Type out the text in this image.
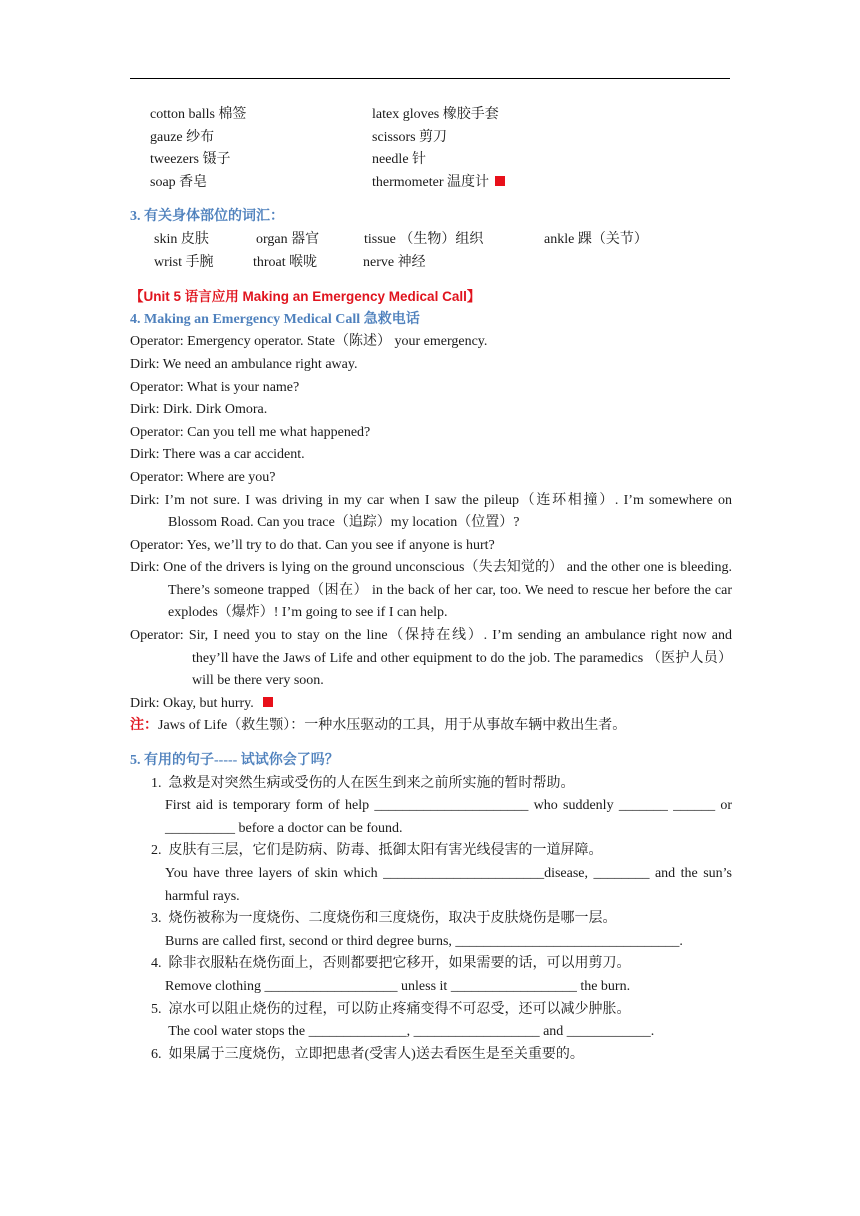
cotton balls 棉签	latex gloves 橡胶手套
gauze 纱布	scissors 剪刀
tweezers 镊子	needle 针
soap 香皂	thermometer 温度计
3. 有关身体部位的词汇：
skin 皮肤	organ 器官	tissue （生物）组织	ankle 踝（关节）
wrist 手腕	throat 喉咙	nerve 神经
【Unit 5 语言应用 Making an Emergency Medical Call】
4. Making an Emergency Medical Call 急救电话
Operator: Emergency operator. State（陈述） your emergency.
Dirk: We need an ambulance right away.
Operator: What is your name?
Dirk: Dirk. Dirk Omora.
Operator: Can you tell me what happened?
Dirk: There was a car accident.
Operator: Where are you?
Dirk: I’m not sure. I was driving in my car when I saw the pileup（连环相撞）. I’m somewhere on Blossom Road. Can you trace（追踪）my location（位置）?
Operator: Yes, we’ll try to do that. Can you see if anyone is hurt?
Dirk: One of the drivers is lying on the ground unconscious（失去知觉的） and the other one is bleeding. There’s someone trapped（困在） in the back of her car, too. We need to rescue her before the car explodes（爆炸）! I’m going to see if I can help.
Operator: Sir, I need you to stay on the line（保持在线）. I’m sending an ambulance right now and they’ll have the Jaws of Life and other equipment to do the job. The paramedics （医护人员）will be there very soon.
Dirk: Okay, but hurry.
注：Jaws of Life（救生颚）：一种水压驱动的工具，用于从事故车辆中救出生者。
5. 有用的句子----- 试试你会了吗？
1. 急救是对突然生病或受伤的人在医生到来之前所实施的暂时帮助。
First aid is temporary form of help ______________________ who suddenly _______ ______ or __________ before a doctor can be found.
2. 皮肤有三层，它们是防病、防毒、抵御太阳有害光线侵害的一道屏障。
You have three layers of skin which _______________________disease, ________ and the sun’s harmful rays.
3. 烧伤被称为一度烧伤、二度烧伤和三度烧伤，取决于皮肤烧伤是哪一层。
Burns are called first, second or third degree burns, ________________________________.
4. 除非衣服粘在烧伤面上，否则都要把它移开，如果需要的话，可以用剪刀。
Remove clothing ___________________ unless it __________________ the burn.
5. 凉水可以阻止烧伤的过程，可以防止疼痛变得不可忍受，还可以减少肿胀。
The cool water stops the ______________, __________________ and ____________.
6. 如果属于三度烧伤，立即把患者(受害人)送去看医生是至关重要的。
